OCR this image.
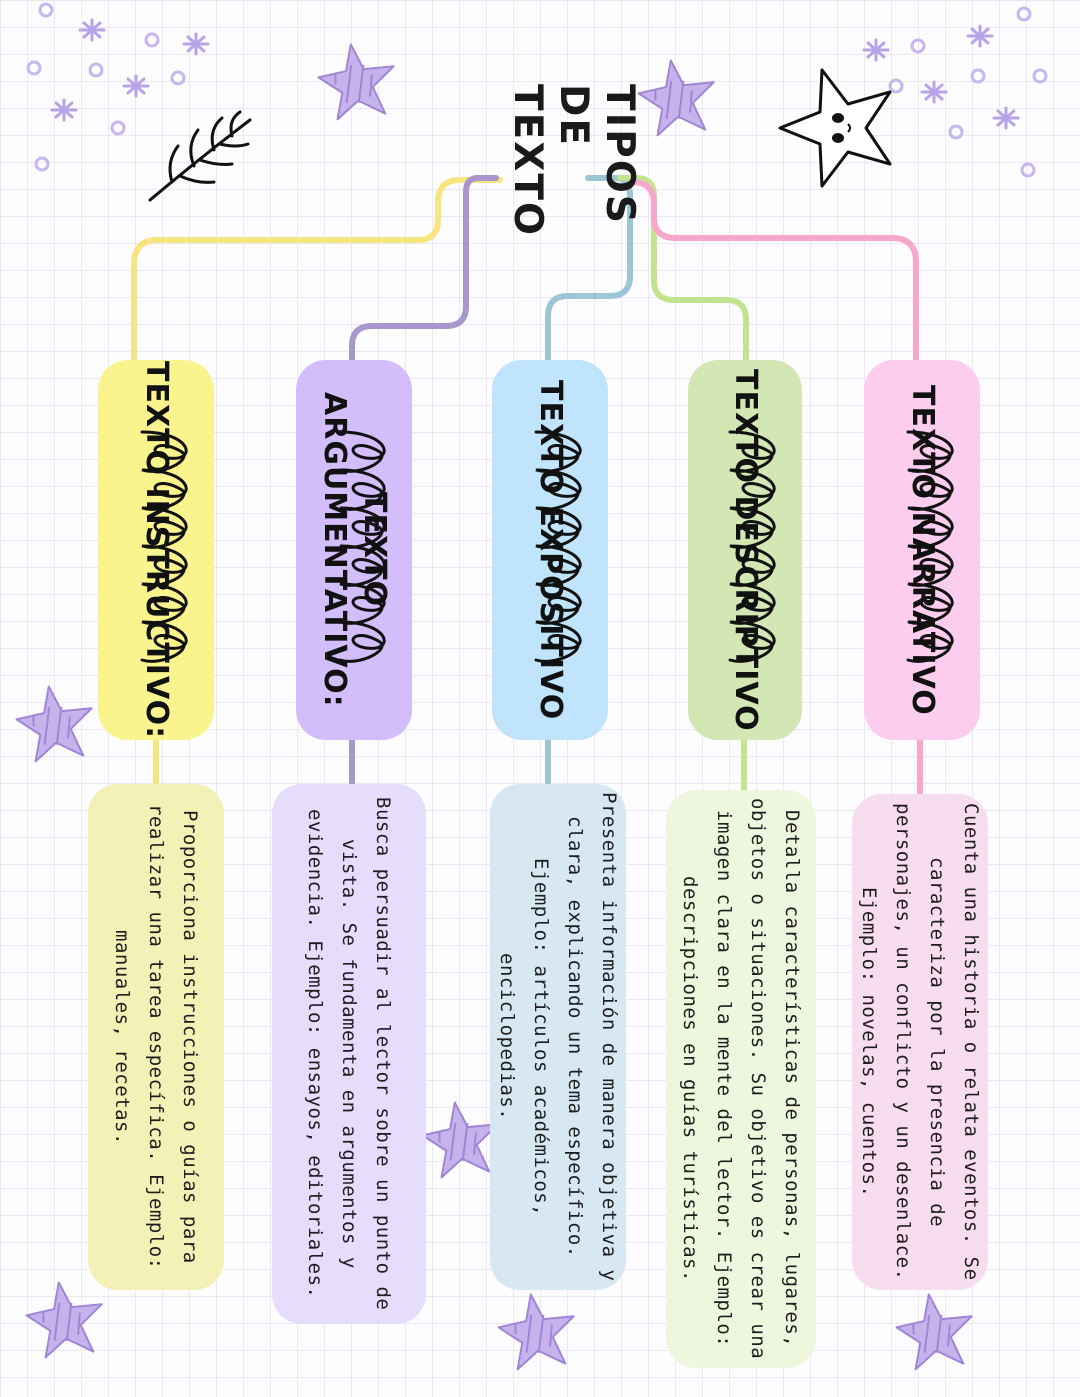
TIPOS DE
TEXTO
TEXTO NARRATIVO
TEXTO DESCRIPTIVO
TEXTO EXPOSITIVO
TEXTO ARGUMENTATIVO:
TEXTO INSTRUCTIVO:
Cuenta una historia o relata eventos. Se caracteriza por la presencia de personajes, un conflicto y un desenlace. Ejemplo: novelas, cuentos.
Detalla características de personas, lugares, objetos o situaciones. Su objetivo es crear una imagen clara en la mente del lector. Ejemplo: descripciones en guías turísticas.
Presenta información de manera objetiva y clara, explicando un tema específico. Ejemplo: artículos académicos, enciclopedias.
Busca persuadir al lector sobre un punto de vista. Se fundamenta en argumentos y evidencia. Ejemplo: ensayos, editoriales.
Proporciona instrucciones o guías para realizar una tarea específica. Ejemplo: manuales, recetas.
